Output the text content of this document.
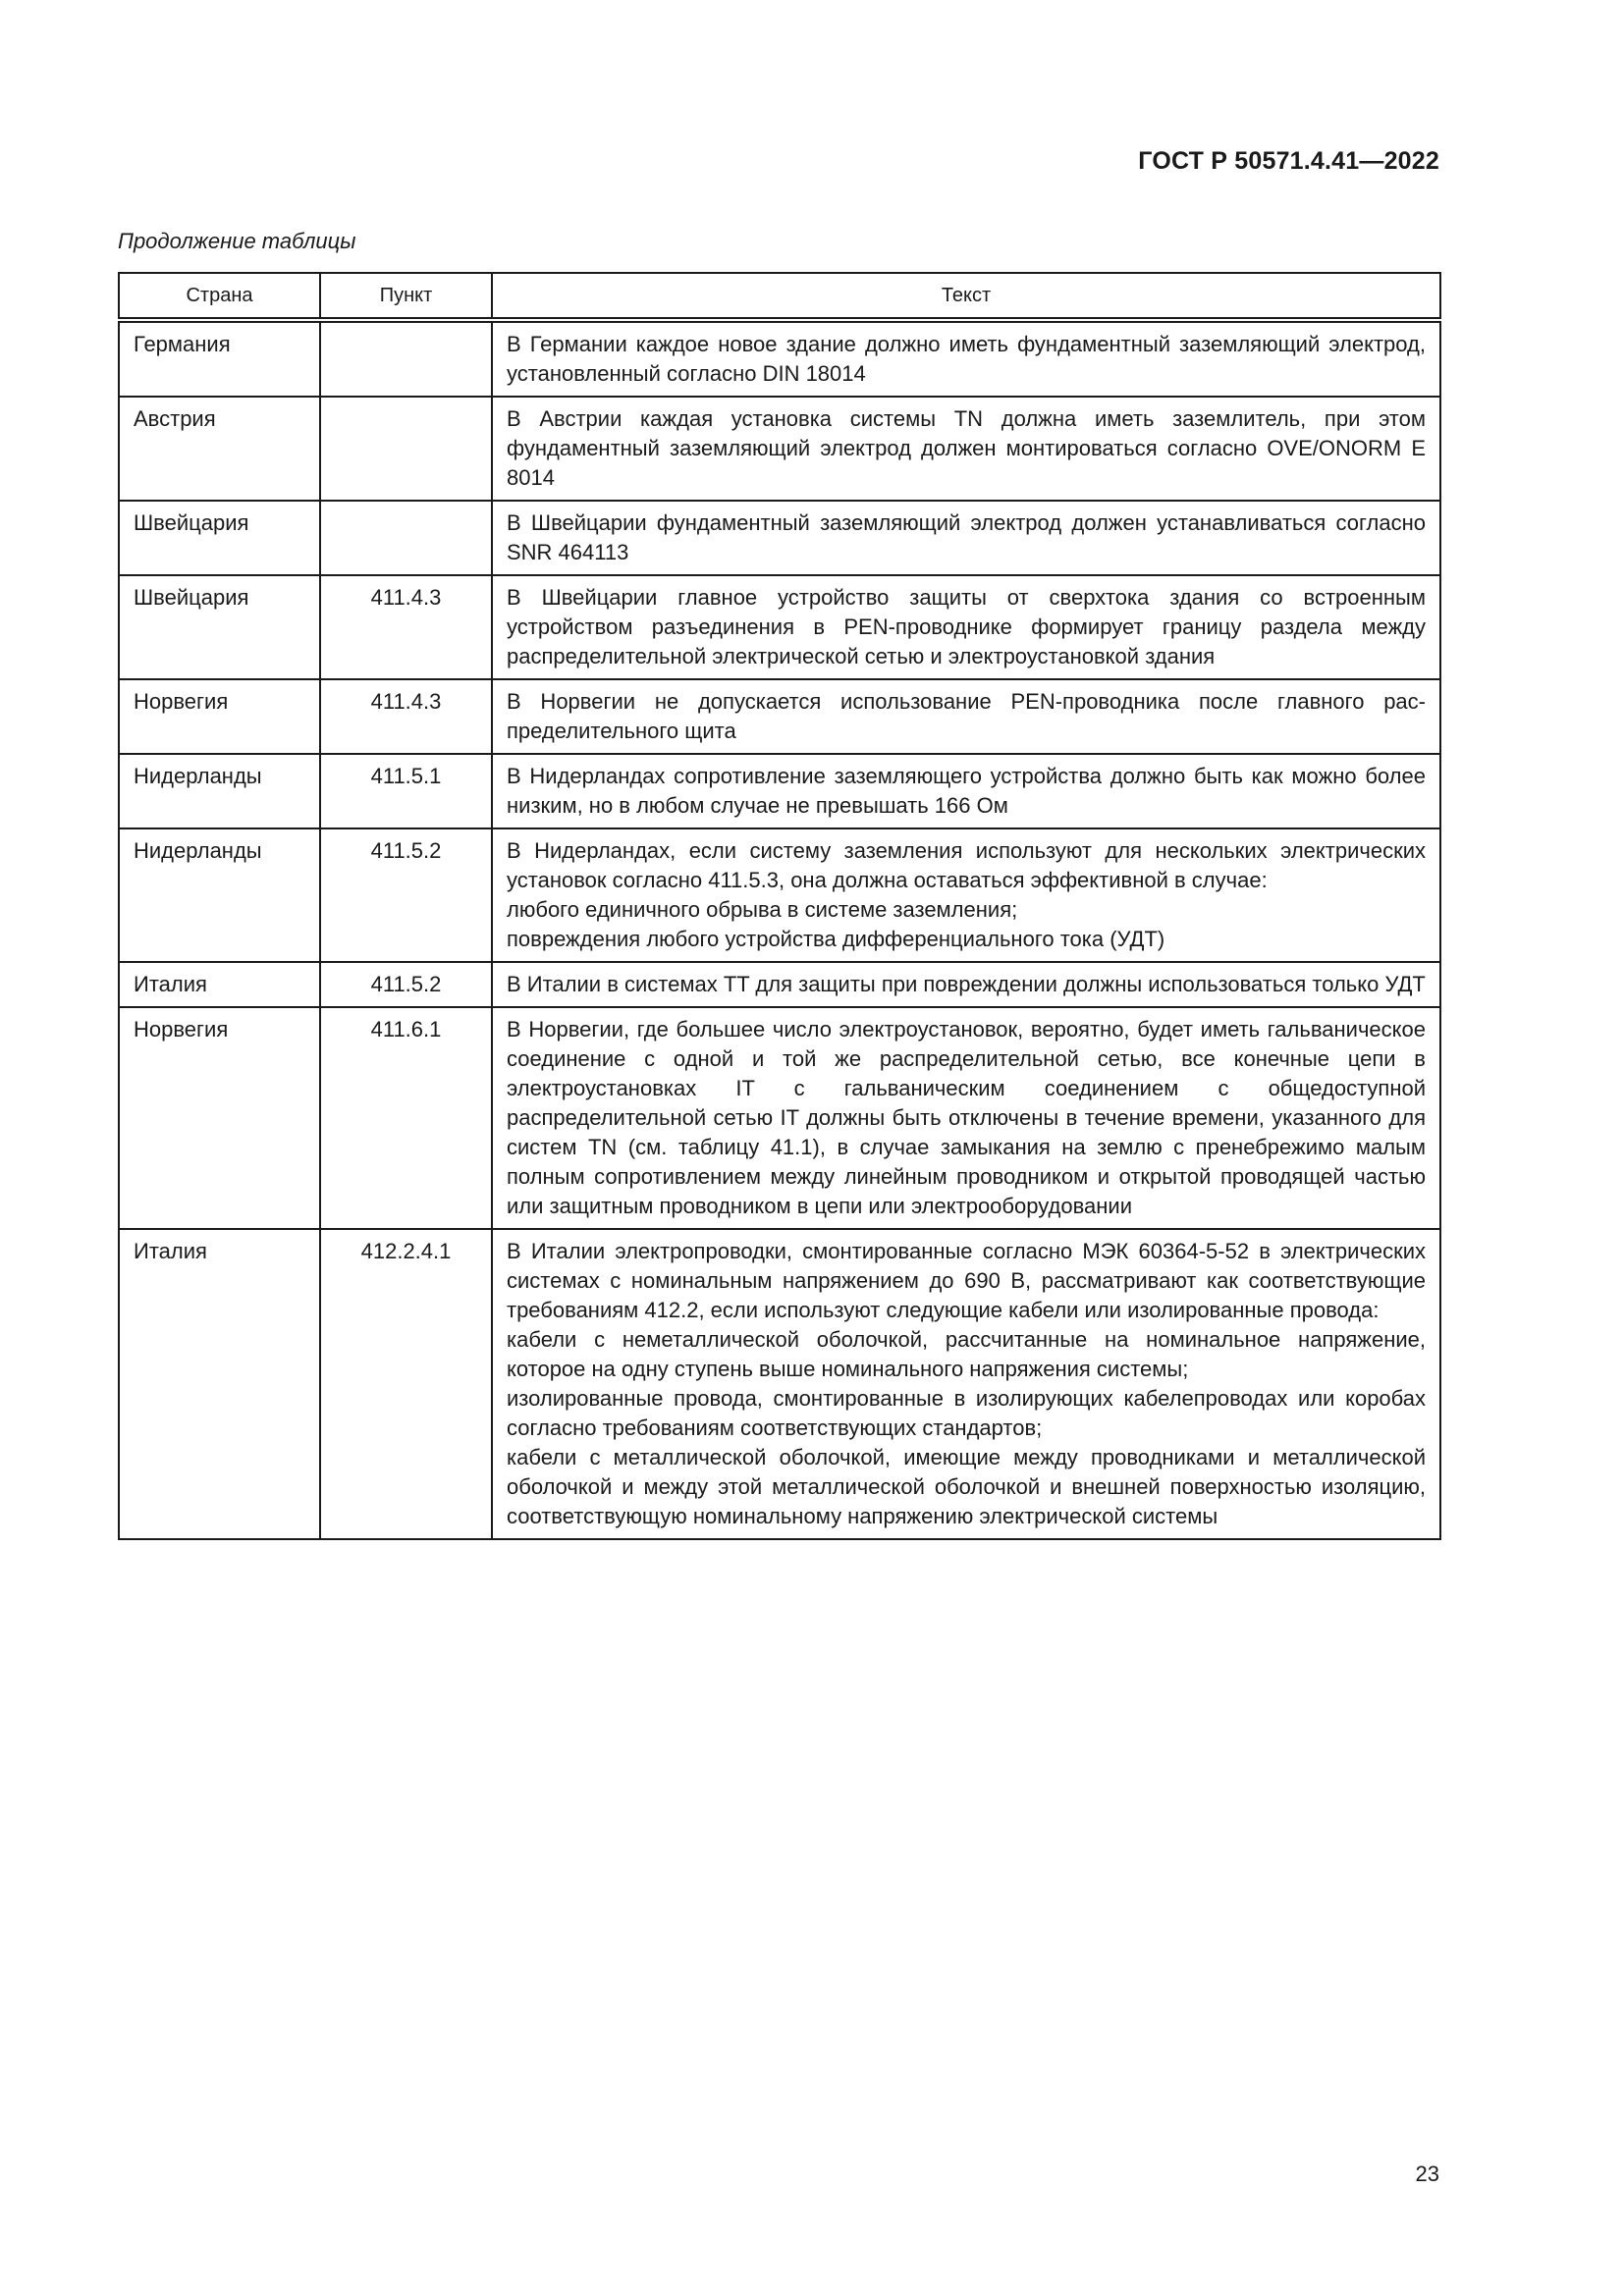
ГОСТ Р 50571.4.41—2022
Продолжение таблицы
Страна	Пункт	Текст
Германия		В Германии каждое новое здание должно иметь фундаментный заземляющий электрод, установленный согласно DIN 18014

Австрия		В Австрии каждая установка системы TN должна иметь заземлитель, при этом фундаментный заземляющий электрод должен монтироваться согласно OVE/ONORM E 8014

Швейцария		В Швейцарии фундаментный заземляющий электрод должен устанавливаться согласно SNR 464113

Швейцария	411.4.3	В Швейцарии главное устройство защиты от сверхтока здания со встроенным устройством разъединения в PEN-проводнике формирует границу раздела между распределительной электрической сетью и электроустановкой здания

Норвегия	411.4.3	В Норвегии не допускается использование PEN-проводника после главного распределительного щита

Нидерланды	411.5.1	В Нидерландах сопротивление заземляющего устройства должно быть как можно более низким, но в любом случае не превышать 166 Ом

Нидерланды	411.5.2	В Нидерландах, если систему заземления используют для нескольких электрических установок согласно 411.5.3, она должна оставаться эффективной в случае:
любого единичного обрыва в системе заземления;
повреждения любого устройства дифференциального тока (УДТ)

Италия	411.5.2	В Италии в системах TT для защиты при повреждении должны использоваться только УДТ

Норвегия	411.6.1	В Норвегии, где большее число электроустановок, вероятно, будет иметь гальваническое соединение с одной и той же распределительной сетью, все конечные цепи в электроустановках IT с гальваническим соединением с общедоступной распределительной сетью IT должны быть отключены в течение времени, указанного для систем TN (см. таблицу 41.1), в случае замыкания на землю с пренебрежимо малым полным сопротивлением между линейным проводником и открытой проводящей частью или защитным проводником в цепи или электрооборудовании

Италия	412.2.4.1	В Италии электропроводки, смонтированные согласно МЭК 60364-5-52 в электрических системах с номинальным напряжением до 690 В, рассматривают как соответствующие требованиям 412.2, если используют следующие кабели или изолированные провода:
кабели с неметаллической оболочкой, рассчитанные на номинальное напряжение, которое на одну ступень выше номинального напряжения системы;
изолированные провода, смонтированные в изолирующих кабелепроводах или коробах согласно требованиям соответствующих стандартов;
кабели с металлической оболочкой, имеющие между проводниками и металлической оболочкой и между этой металлической оболочкой и внешней поверхностью изоляцию, соответствующую номинальному напряжению электрической системы
23
